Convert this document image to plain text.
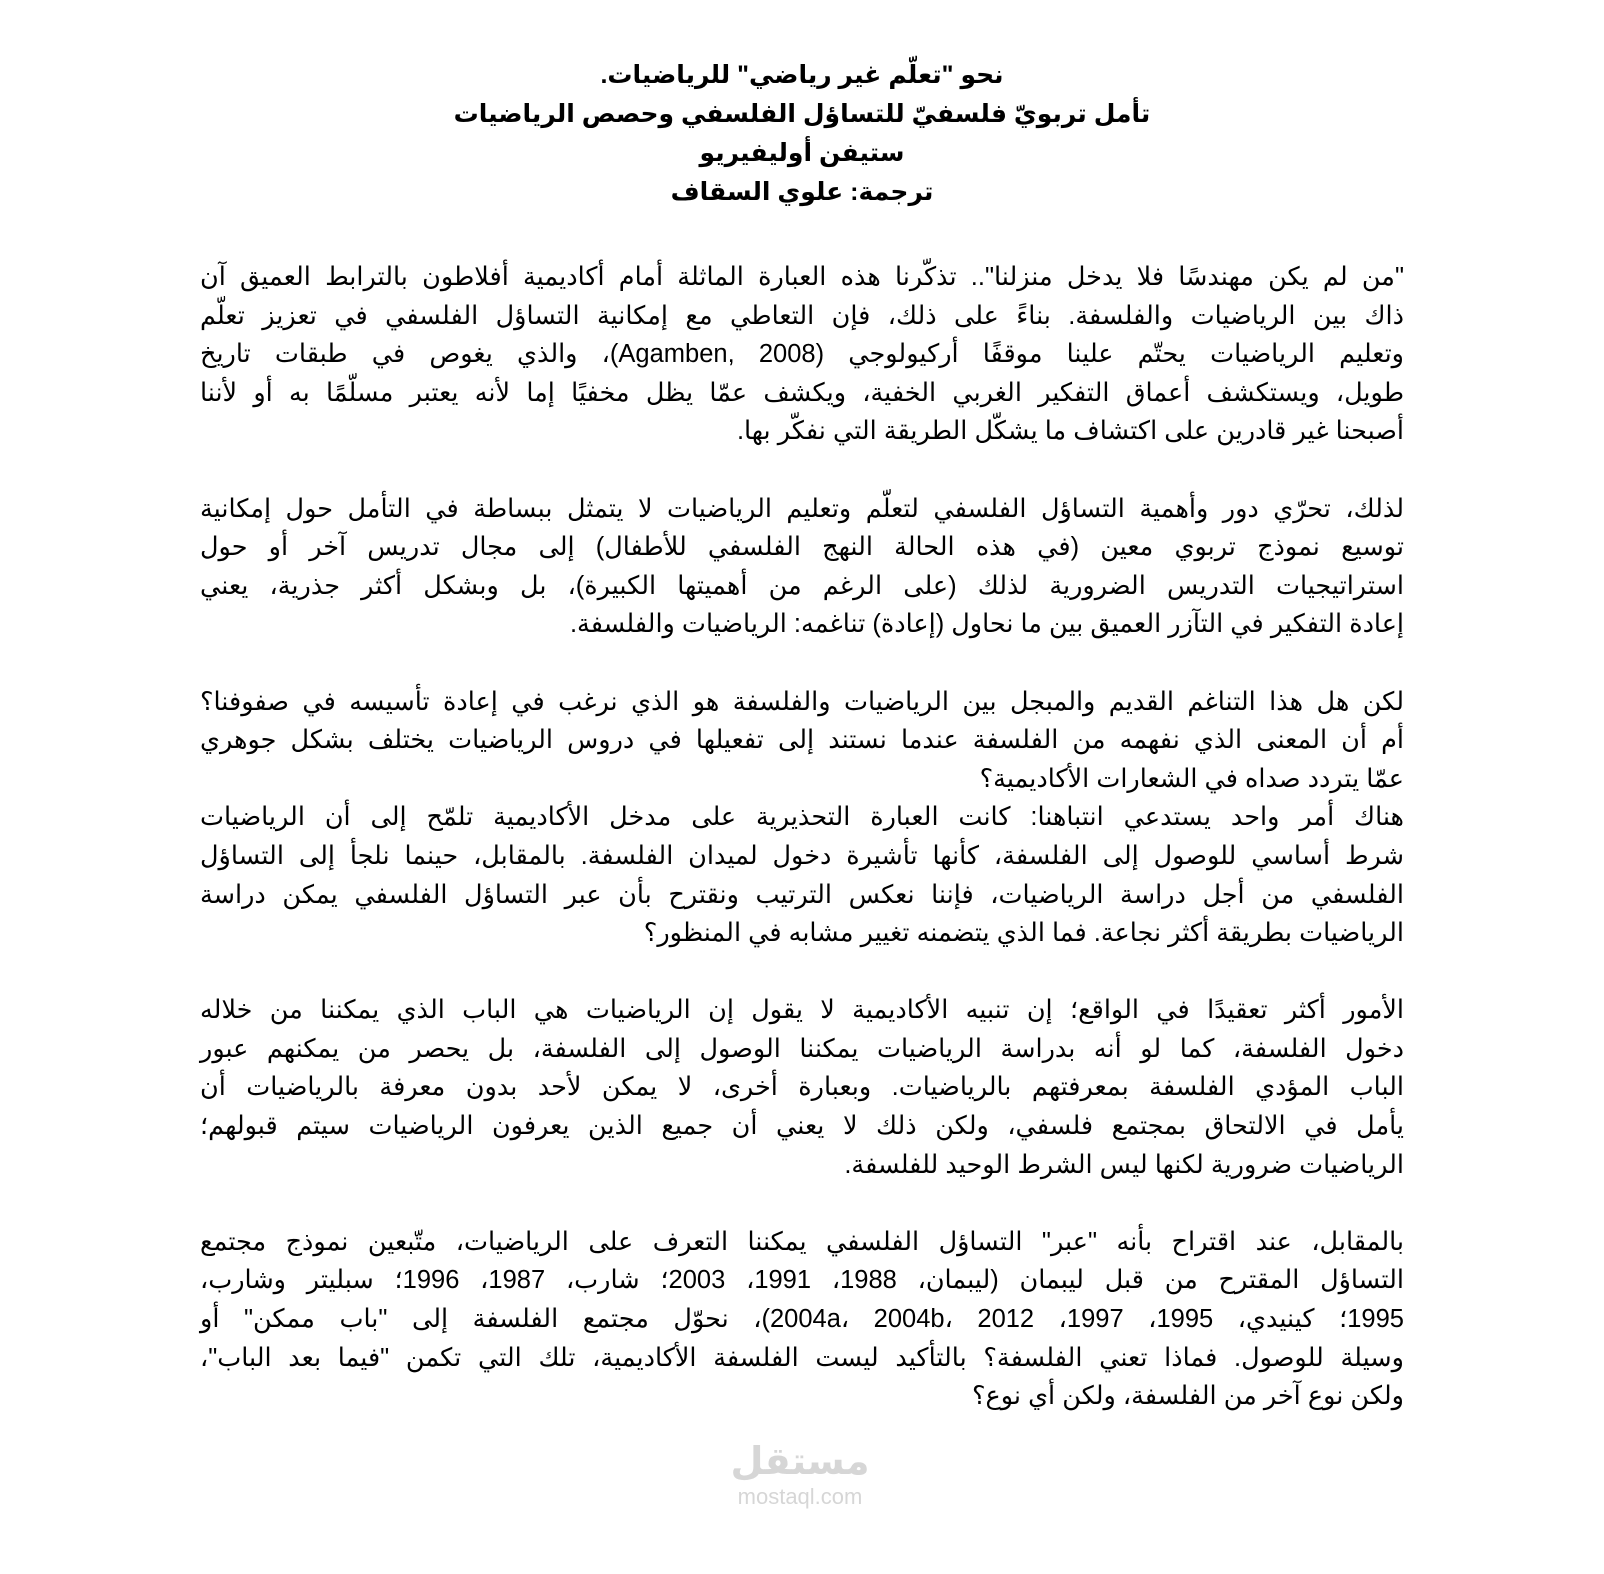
نحو "تعلّم غير رياضي" للرياضيات.
تأمل تربويّ فلسفيّ للتساؤل الفلسفي وحصص الرياضيات
ستيفن أوليفيريو
ترجمة: علوي السقاف
"من لم يكن مهندسًا فلا يدخل منزلنا".. تذكّرنا هذه العبارة الماثلة أمام أكاديمية أفلاطون بالترابط العميق آن
ذاك بين الرياضيات والفلسفة. بناءً على ذلك، فإن التعاطي مع إمكانية التساؤل الفلسفي في تعزيز تعلّم
وتعليم الرياضيات يحتّم علينا موقفًا أركيولوجي (Agamben, 2008)، والذي يغوص في طبقات تاريخ
طويل، ويستكشف أعماق التفكير الغربي الخفية، ويكشف عمّا يظل مخفيًا إما لأنه يعتبر مسلّمًا به أو لأننا
أصبحنا غير قادرين على اكتشاف ما يشكّل الطريقة التي نفكّر بها.
لذلك، تحرّي دور وأهمية التساؤل الفلسفي لتعلّم وتعليم الرياضيات لا يتمثل ببساطة في التأمل حول إمكانية
توسيع نموذج تربوي معين (في هذه الحالة النهج الفلسفي للأطفال) إلى مجال تدريس آخر أو حول
استراتيجيات التدريس الضرورية لذلك (على الرغم من أهميتها الكبيرة)، بل وبشكل أكثر جذرية، يعني
إعادة التفكير في التآزر العميق بين ما نحاول (إعادة) تناغمه: الرياضيات والفلسفة.
لكن هل هذا التناغم القديم والمبجل بين الرياضيات والفلسفة هو الذي نرغب في إعادة تأسيسه في صفوفنا؟
أم أن المعنى الذي نفهمه من الفلسفة عندما نستند إلى تفعيلها في دروس الرياضيات يختلف بشكل جوهري
عمّا يتردد صداه في الشعارات الأكاديمية؟
هناك أمر واحد يستدعي انتباهنا: كانت العبارة التحذيرية على مدخل الأكاديمية تلمّح إلى أن الرياضيات
شرط أساسي للوصول إلى الفلسفة، كأنها تأشيرة دخول لميدان الفلسفة. بالمقابل، حينما نلجأ إلى التساؤل
الفلسفي من أجل دراسة الرياضيات، فإننا نعكس الترتيب ونقترح بأن عبر التساؤل الفلسفي يمكن دراسة
الرياضيات بطريقة أكثر نجاعة. فما الذي يتضمنه تغيير مشابه في المنظور؟
الأمور أكثر تعقيدًا في الواقع؛ إن تنبيه الأكاديمية لا يقول إن الرياضيات هي الباب الذي يمكننا من خلاله
دخول الفلسفة، كما لو أنه بدراسة الرياضيات يمكننا الوصول إلى الفلسفة، بل يحصر من يمكنهم عبور
الباب المؤدي الفلسفة بمعرفتهم بالرياضيات. وبعبارة أخرى، لا يمكن لأحد بدون معرفة بالرياضيات أن
يأمل في الالتحاق بمجتمع فلسفي، ولكن ذلك لا يعني أن جميع الذين يعرفون الرياضيات سيتم قبولهم؛
الرياضيات ضرورية لكنها ليس الشرط الوحيد للفلسفة.
بالمقابل، عند اقتراح بأنه "عبر" التساؤل الفلسفي يمكننا التعرف على الرياضيات، متّبعين نموذج مجتمع
التساؤل المقترح من قبل ليبمان (ليبمان، 1988، 1991، 2003؛ شارب، 1987، 1996؛ سبليتر وشارب،
1995؛ كينيدي، 1995، 1997، 2004a، 2004b، 2012)، نحوّل مجتمع الفلسفة إلى "باب ممكن" أو
وسيلة للوصول. فماذا تعني الفلسفة؟ بالتأكيد ليست الفلسفة الأكاديمية، تلك التي تكمن "فيما بعد الباب"،
ولكن نوع آخر من الفلسفة، ولكن أي نوع؟
مستقل
mostaql.com
